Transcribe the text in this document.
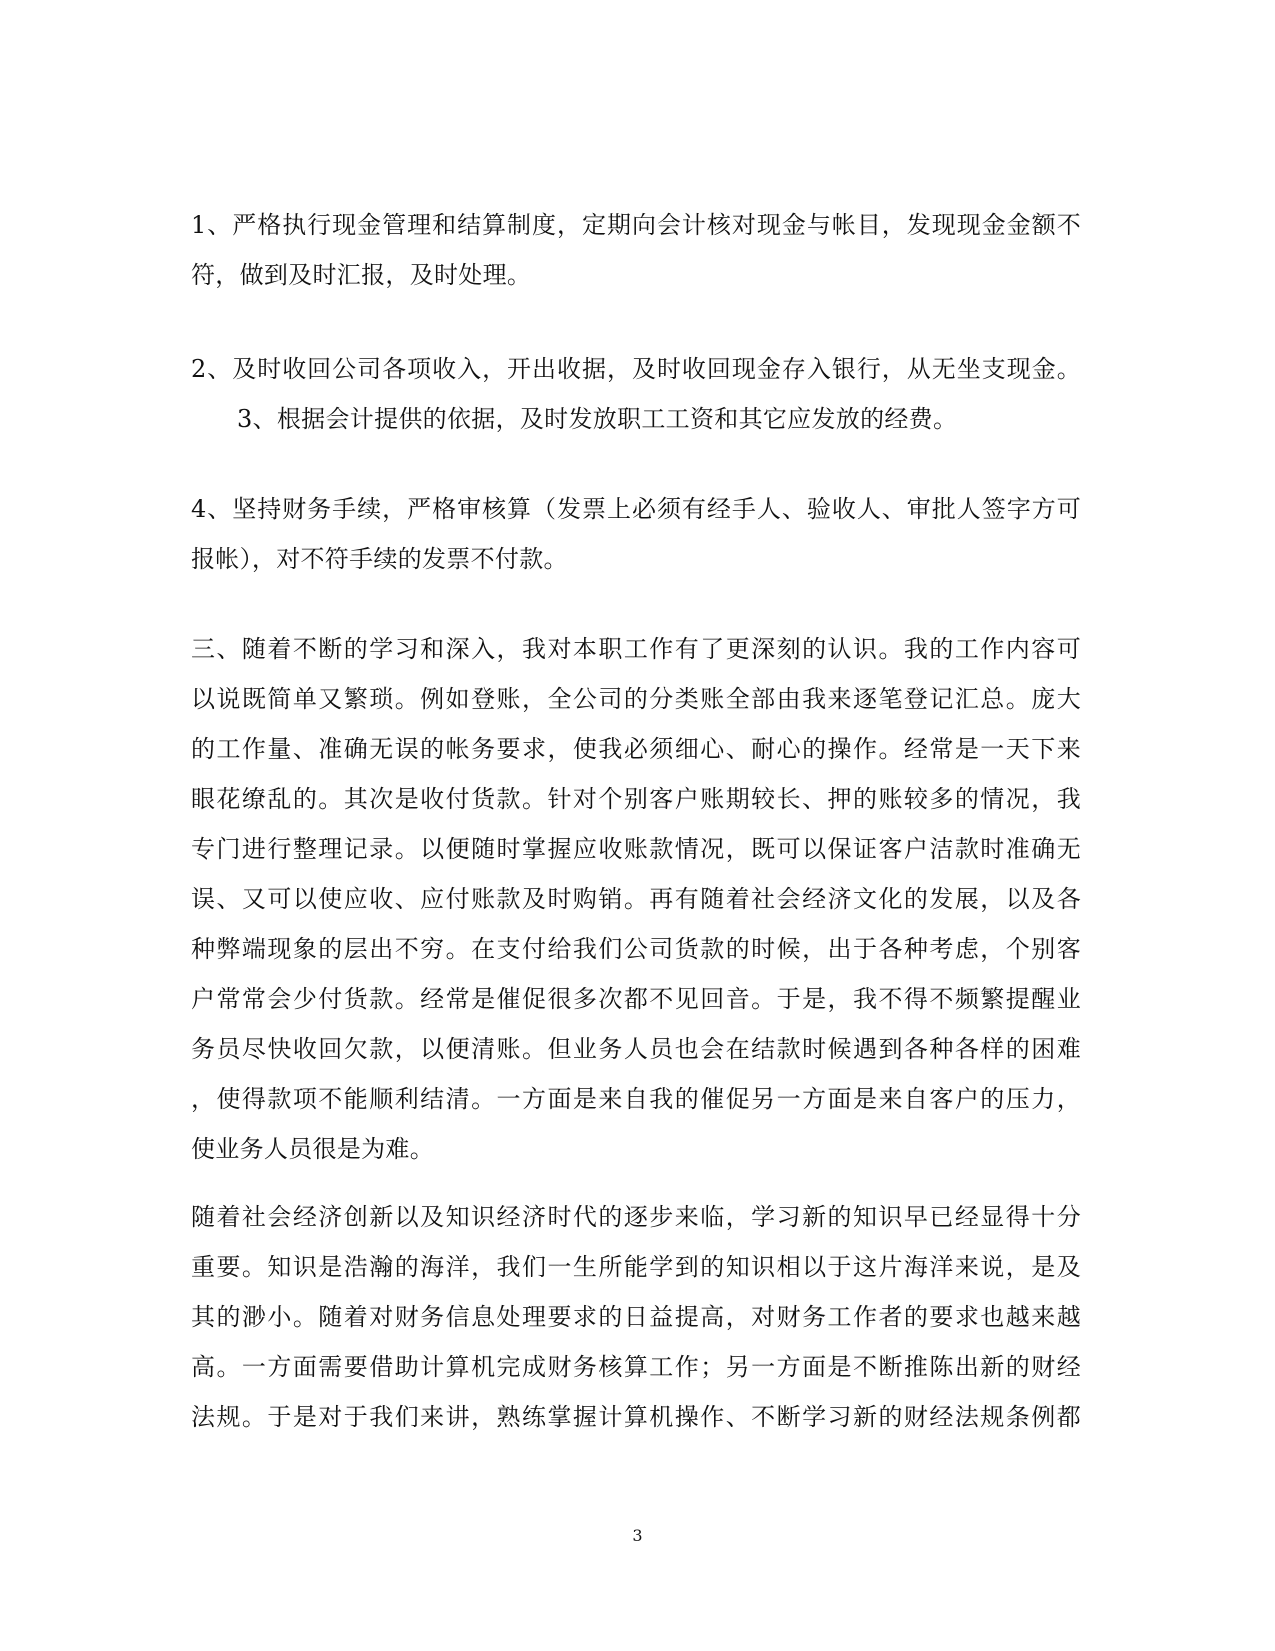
1、严格执行现金管理和结算制度，定期向会计核对现金与帐目，发现现金金额不
符，做到及时汇报，及时处理。
2、及时收回公司各项收入，开出收据，及时收回现金存入银行，从无坐支现金。
3、根据会计提供的依据，及时发放职工工资和其它应发放的经费。
4、坚持财务手续，严格审核算（发票上必须有经手人、验收人、审批人签字方可
报帐），对不符手续的发票不付款。
三、随着不断的学习和深入，我对本职工作有了更深刻的认识。我的工作内容可
以说既简单又繁琐。例如登账，全公司的分类账全部由我来逐笔登记汇总。庞大
的工作量、准确无误的帐务要求，使我必须细心、耐心的操作。经常是一天下来
眼花缭乱的。其次是收付货款。针对个别客户账期较长、押的账较多的情况，我
专门进行整理记录。以便随时掌握应收账款情况，既可以保证客户洁款时准确无
误、又可以使应收、应付账款及时购销。再有随着社会经济文化的发展，以及各
种弊端现象的层出不穷。在支付给我们公司货款的时候，出于各种考虑，个别客
户常常会少付货款。经常是催促很多次都不见回音。于是，我不得不频繁提醒业
务员尽快收回欠款，以便清账。但业务人员也会在结款时候遇到各种各样的困难
，使得款项不能顺利结清。一方面是来自我的催促另一方面是来自客户的压力，
使业务人员很是为难。
随着社会经济创新以及知识经济时代的逐步来临，学习新的知识早已经显得十分
重要。知识是浩瀚的海洋，我们一生所能学到的知识相以于这片海洋来说，是及
其的渺小。随着对财务信息处理要求的日益提高，对财务工作者的要求也越来越
高。一方面需要借助计算机完成财务核算工作；另一方面是不断推陈出新的财经
法规。于是对于我们来讲，熟练掌握计算机操作、不断学习新的财经法规条例都
3
